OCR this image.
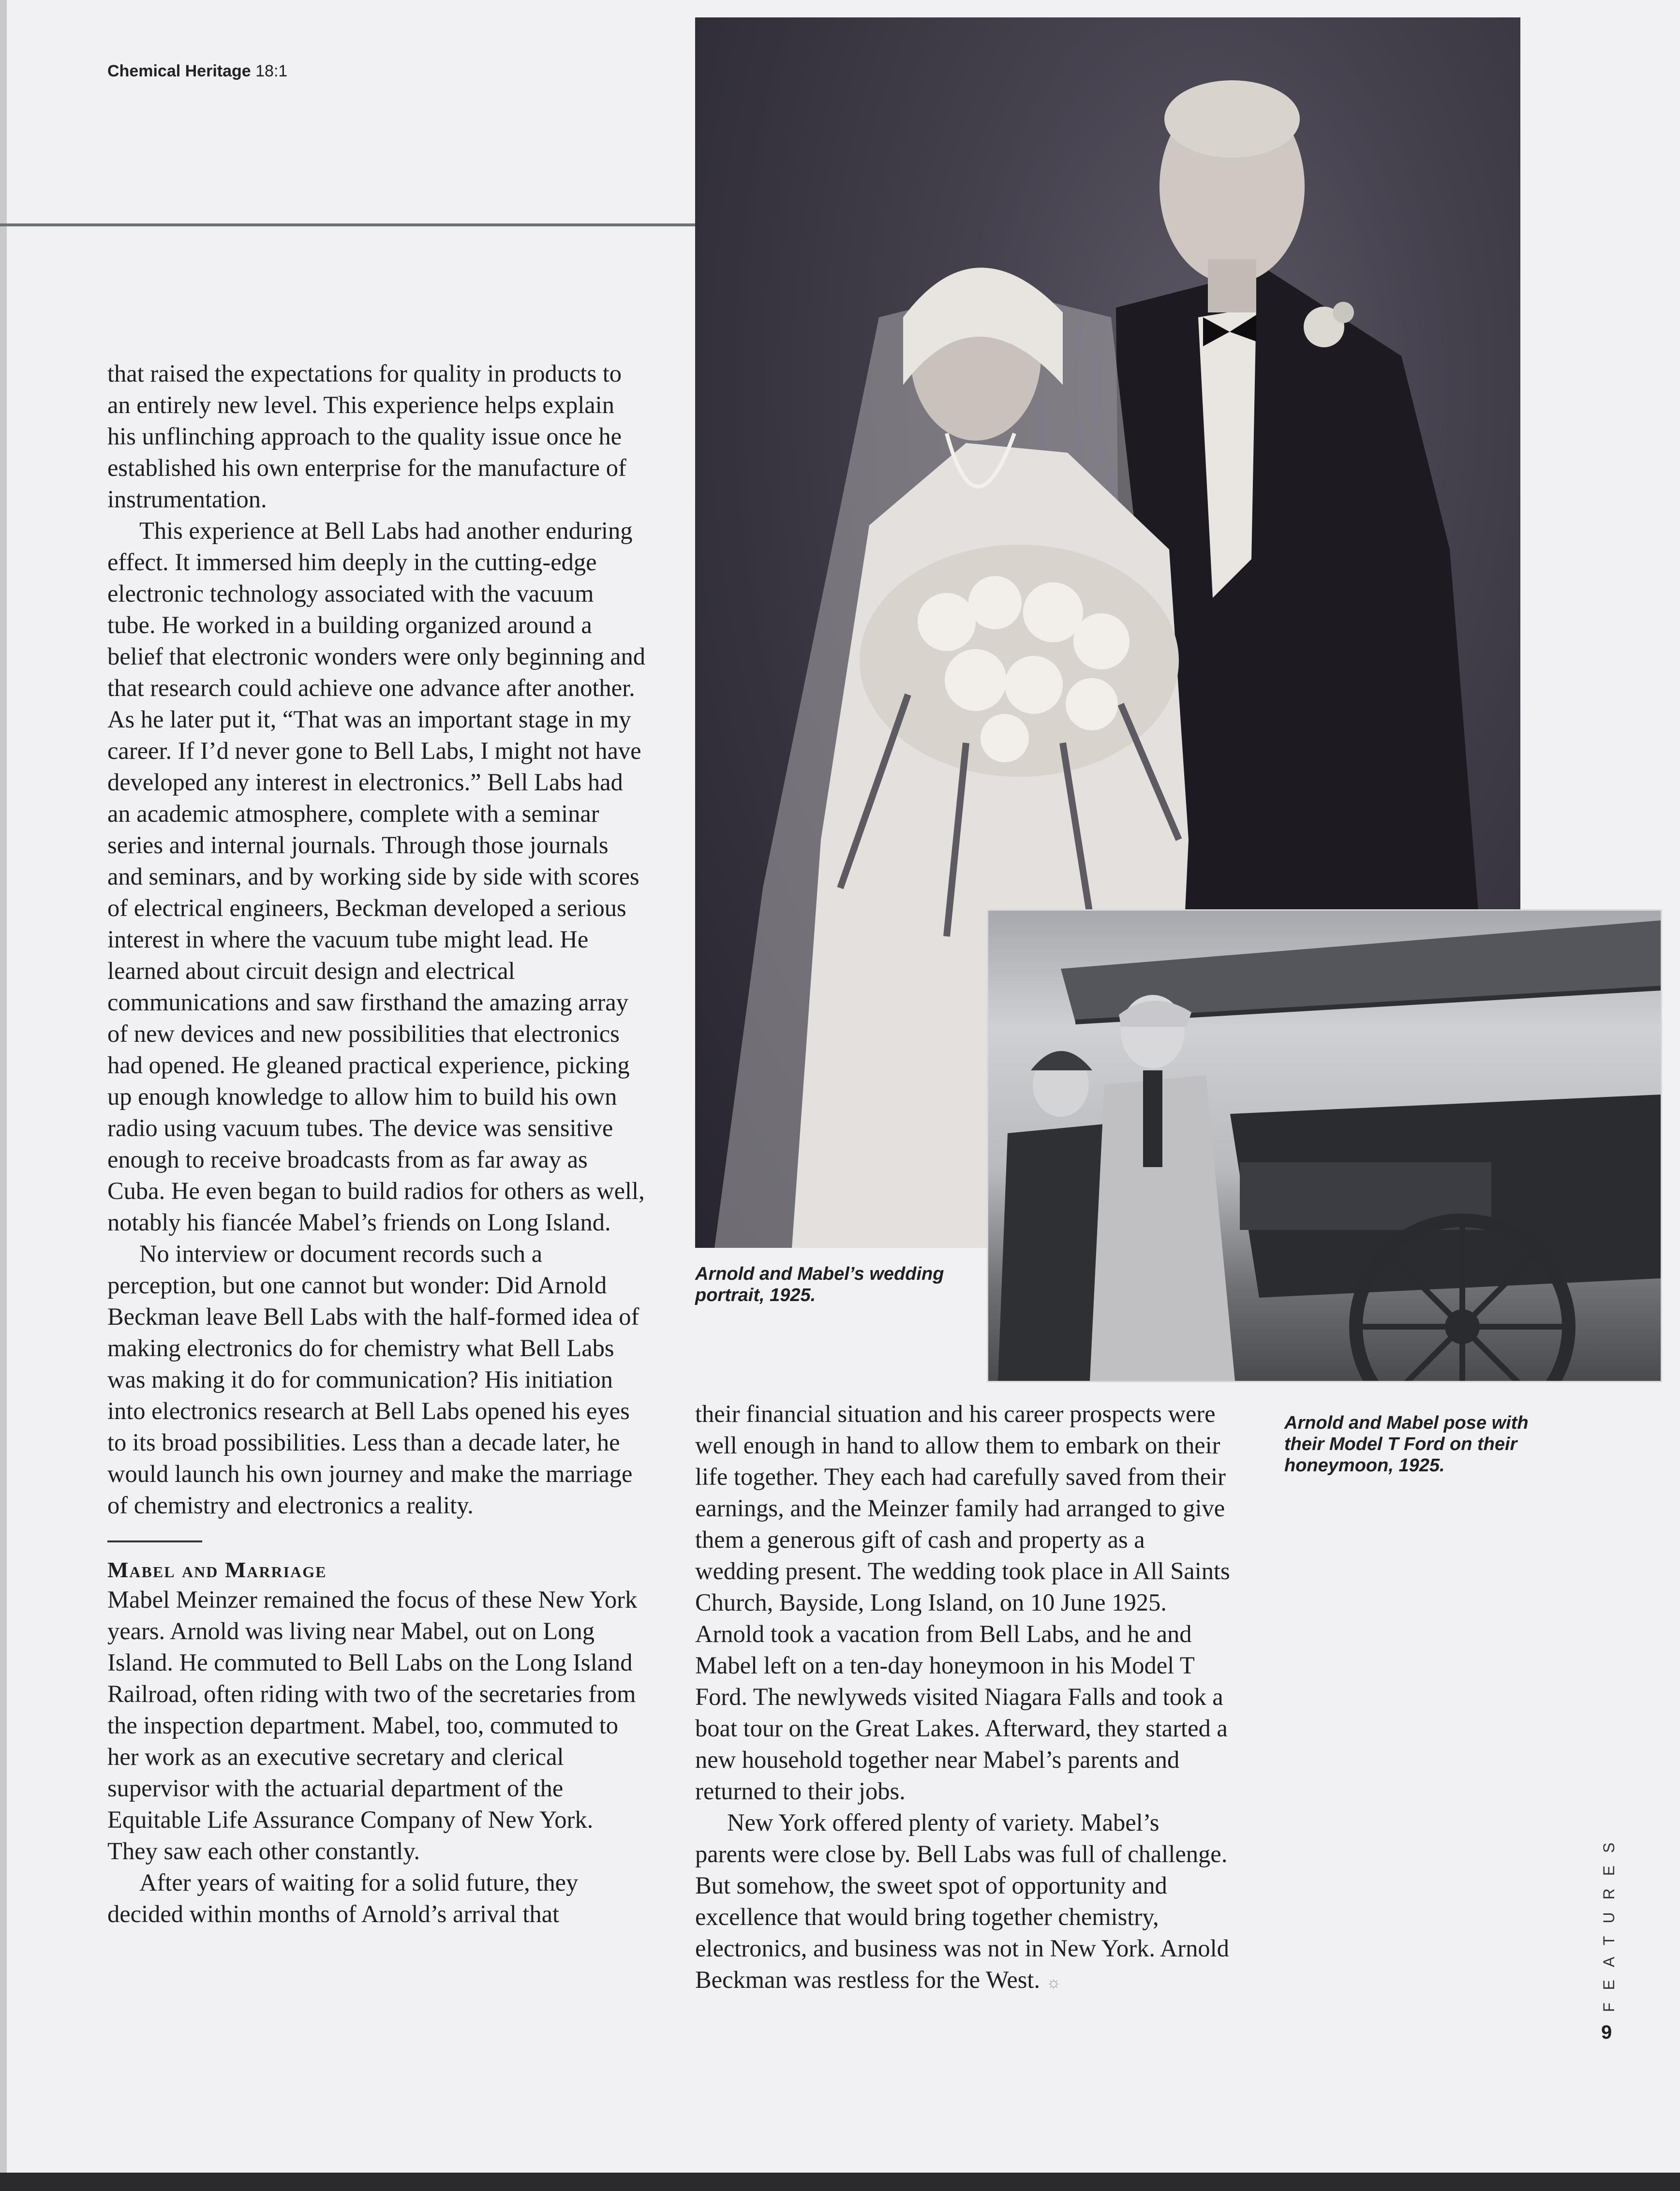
Chemical Heritage 18:1
Arnold and Mabel’s wedding portrait, 1925.
Arnold and Mabel pose with their Model T Ford on their honeymoon, 1925.

that raised the expectations for quality in products to an entirely new level. This experience helps explain his unflinching approach to the quality issue once he established his own enterprise for the manufacture of instrumentation.

This experience at Bell Labs had another enduring effect. It immersed him deeply in the cutting-edge electronic technology associated with the vacuum tube. He worked in a building organized around a belief that electronic wonders were only beginning and that research could achieve one advance after another. As he later put it, “That was an important stage in my career. If I’d never gone to Bell Labs, I might not have developed any interest in electronics.” Bell Labs had an academic atmosphere, complete with a seminar series and internal journals. Through those journals and seminars, and by working side by side with scores of electrical engineers, Beckman developed a serious interest in where the vacuum tube might lead. He learned about circuit design and electrical communications and saw firsthand the amazing array of new devices and new possibilities that electronics had opened. He gleaned practical experience, picking up enough knowledge to allow him to build his own radio using vacuum tubes. The device was sensitive enough to receive broadcasts from as far away as Cuba. He even began to build radios for others as well, notably his fiancée Mabel’s friends on Long Island.

No interview or document records such a perception, but one cannot but wonder: Did Arnold Beckman leave Bell Labs with the half-formed idea of making electronics do for chemistry what Bell Labs was making it do for communication? His initiation into electronics research at Bell Labs opened his eyes to its broad possibilities. Less than a decade later, he would launch his own journey and make the marriage of chemistry and electronics a reality.

Mabel and Marriage

Mabel Meinzer remained the focus of these New York years. Arnold was living near Mabel, out on Long Island. He commuted to Bell Labs on the Long Island Railroad, often riding with two of the secretaries from the inspection department. Mabel, too, commuted to her work as an executive secretary and clerical supervisor with the actuarial department of the Equitable Life Assurance Company of New York. They saw each other constantly.

After years of waiting for a solid future, they decided within months of Arnold’s arrival that

their financial situation and his career prospects were well enough in hand to allow them to embark on their life together. They each had carefully saved from their earnings, and the Meinzer family had arranged to give them a generous gift of cash and property as a wedding present. The wedding took place in All Saints Church, Bayside, Long Island, on 10 June 1925. Arnold took a vacation from Bell Labs, and he and Mabel left on a ten-day honeymoon in his Model T Ford. The newlyweds visited Niagara Falls and took a boat tour on the Great Lakes. Afterward, they started a new household together near Mabel’s parents and returned to their jobs.

New York offered plenty of variety. Mabel’s parents were close by. Bell Labs was full of challenge. But somehow, the sweet spot of opportunity and excellence that would bring together chemistry, electronics, and business was not in New York. Arnold Beckman was restless for the West. ☼	FEATURES
9
